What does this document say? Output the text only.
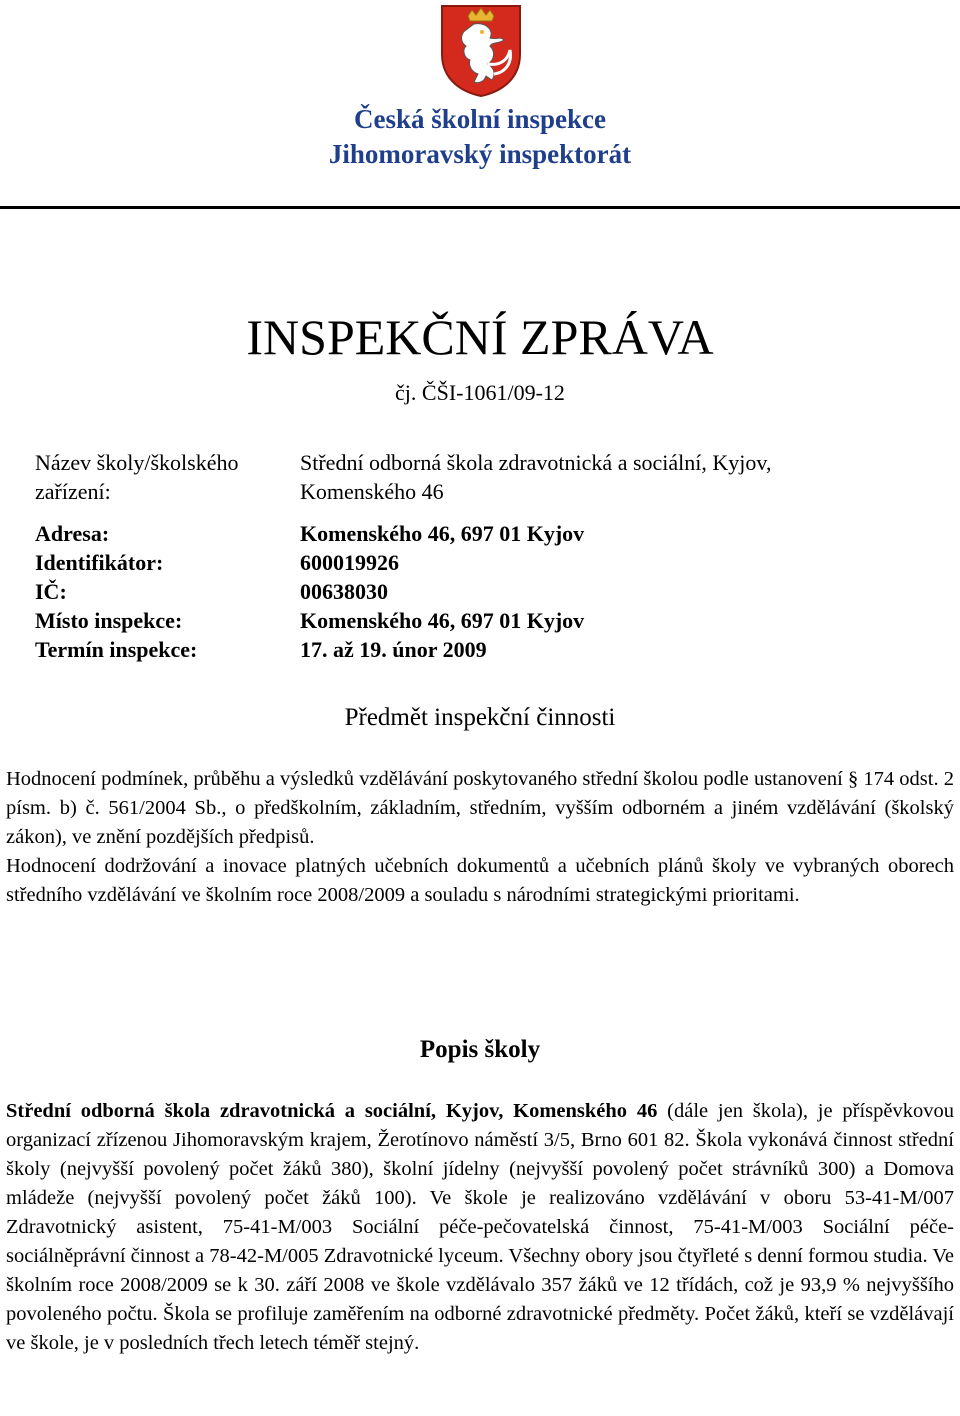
Česká školní inspekce
Jihomoravský inspektorát
INSPEKČNÍ ZPRÁVA
čj. ČŠI-1061/09-12
Název školy/školského
zařízení:
Střední odborná škola zdravotnická a sociální, Kyjov,
Komenského 46
Adresa:	Komenského 46, 697 01 Kyjov
Identifikátor:	600019926
IČ:	00638030
Místo inspekce:	Komenského 46, 697 01 Kyjov
Termín inspekce:	17. až 19. únor 2009
Předmět inspekční činnosti
Hodnocení podmínek, průběhu a výsledků vzdělávání poskytovaného střední školou podle ustanovení § 174 odst. 2 písm. b) č. 561/2004 Sb., o předškolním, základním, středním, vyšším odborném a jiném vzdělávání (školský zákon), ve znění pozdějších předpisů.
Hodnocení dodržování a inovace platných učebních dokumentů a učebních plánů školy ve vybraných oborech středního vzdělávání ve školním roce 2008/2009 a souladu s národními strategickými prioritami.
Popis školy
Střední odborná škola zdravotnická a sociální, Kyjov, Komenského 46 (dále jen škola), je příspěvkovou organizací zřízenou Jihomoravským krajem, Žerotínovo náměstí 3/5, Brno 601 82. Škola vykonává činnost střední školy (nejvyšší povolený počet žáků 380), školní jídelny (nejvyšší povolený počet strávníků 300) a Domova mládeže (nejvyšší povolený počet žáků 100). Ve škole je realizováno vzdělávání v oboru 53-41-M/007 Zdravotnický asistent, 75-41-M/003 Sociální péče-pečovatelská činnost, 75-41-M/003 Sociální péče-sociálněprávní činnost a 78-42-M/005 Zdravotnické lyceum. Všechny obory jsou čtyřleté s denní formou studia. Ve školním roce 2008/2009 se k 30. září 2008 ve škole vzdělávalo 357 žáků ve 12 třídách, což je 93,9 % nejvyššího povoleného počtu. Škola se profiluje zaměřením na odborné zdravotnické předměty. Počet žáků, kteří se vzdělávají ve škole, je v posledních třech letech téměř stejný.
